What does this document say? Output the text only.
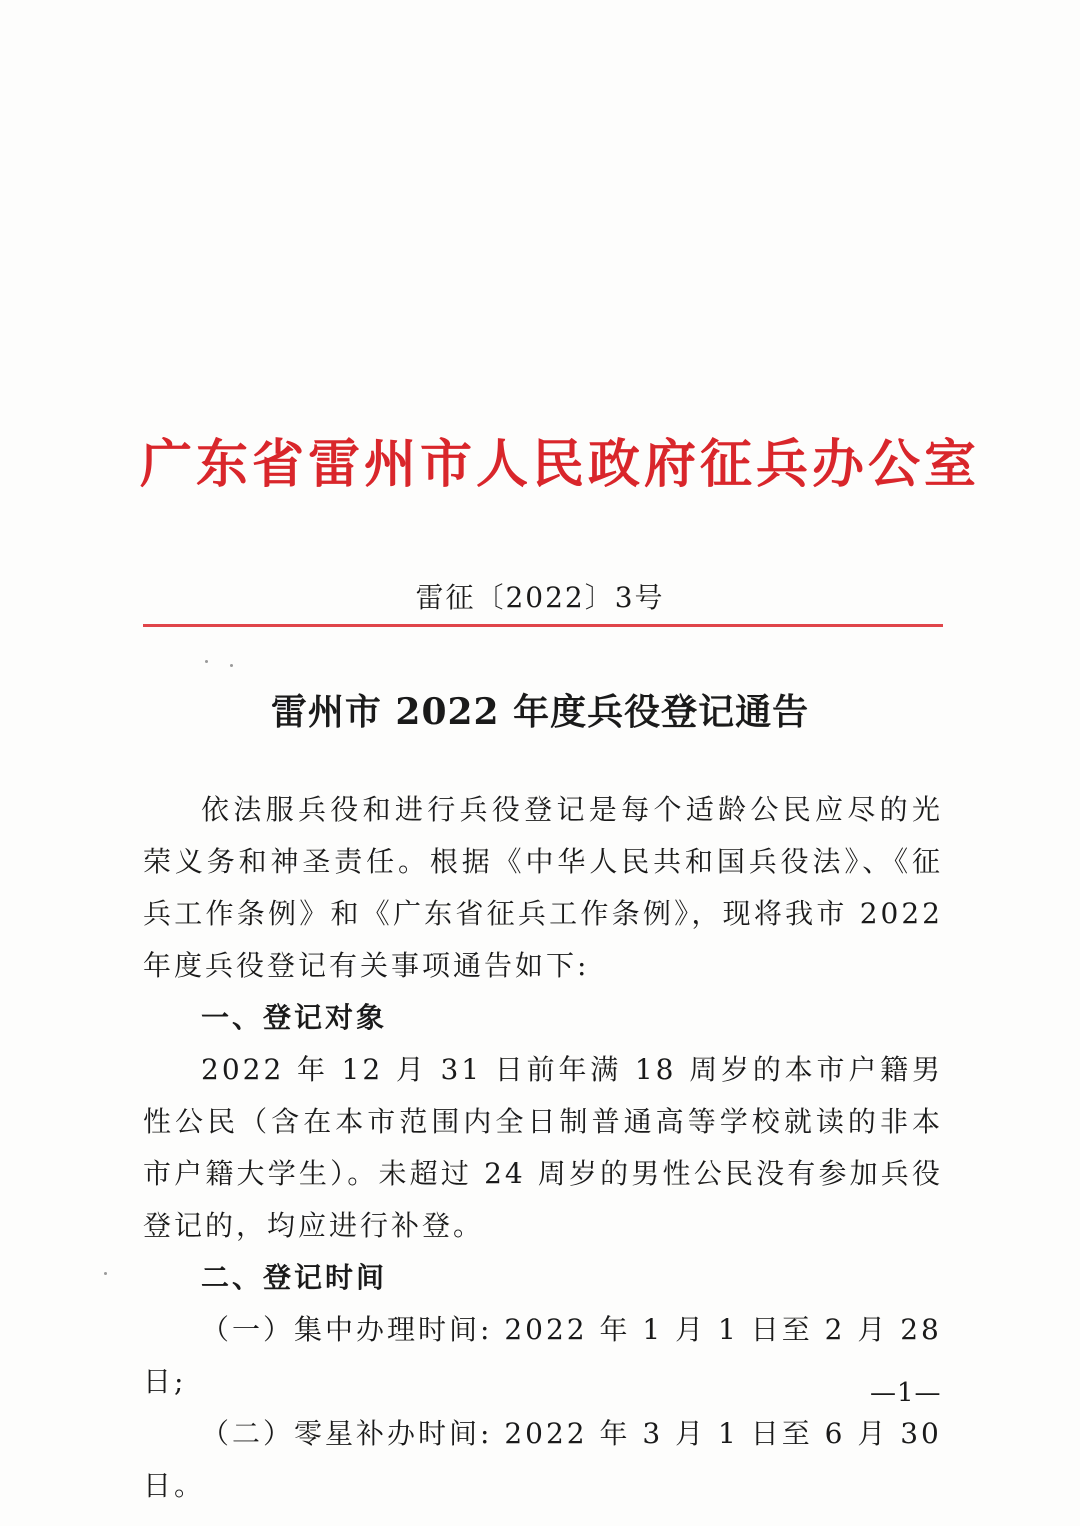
广东省雷州市人民政府征兵办公室
雷征〔2022〕3号
雷州市 2022 年度兵役登记通告

依法服兵役和进行兵役登记是每个适龄公民应尽的光荣义务和神圣责任。根据《中华人民共和国兵役法》、《征兵工作条例》和《广东省征兵工作条例》，现将我市 2022 年度兵役登记有关事项通告如下:

一、登记对象

2022 年 12 月 31 日前年满 18 周岁的本市户籍男性公民（含在本市范围内全日制普通高等学校就读的非本市户籍大学生）。未超过 24 周岁的男性公民没有参加兵役登记的，均应进行补登。

二、登记时间

（一）集中办理时间: 2022 年 1 月 1 日至 2 月 28 日;

（二）零星补办时间: 2022 年 3 月 1 日至 6 月 30 日。

—1—
